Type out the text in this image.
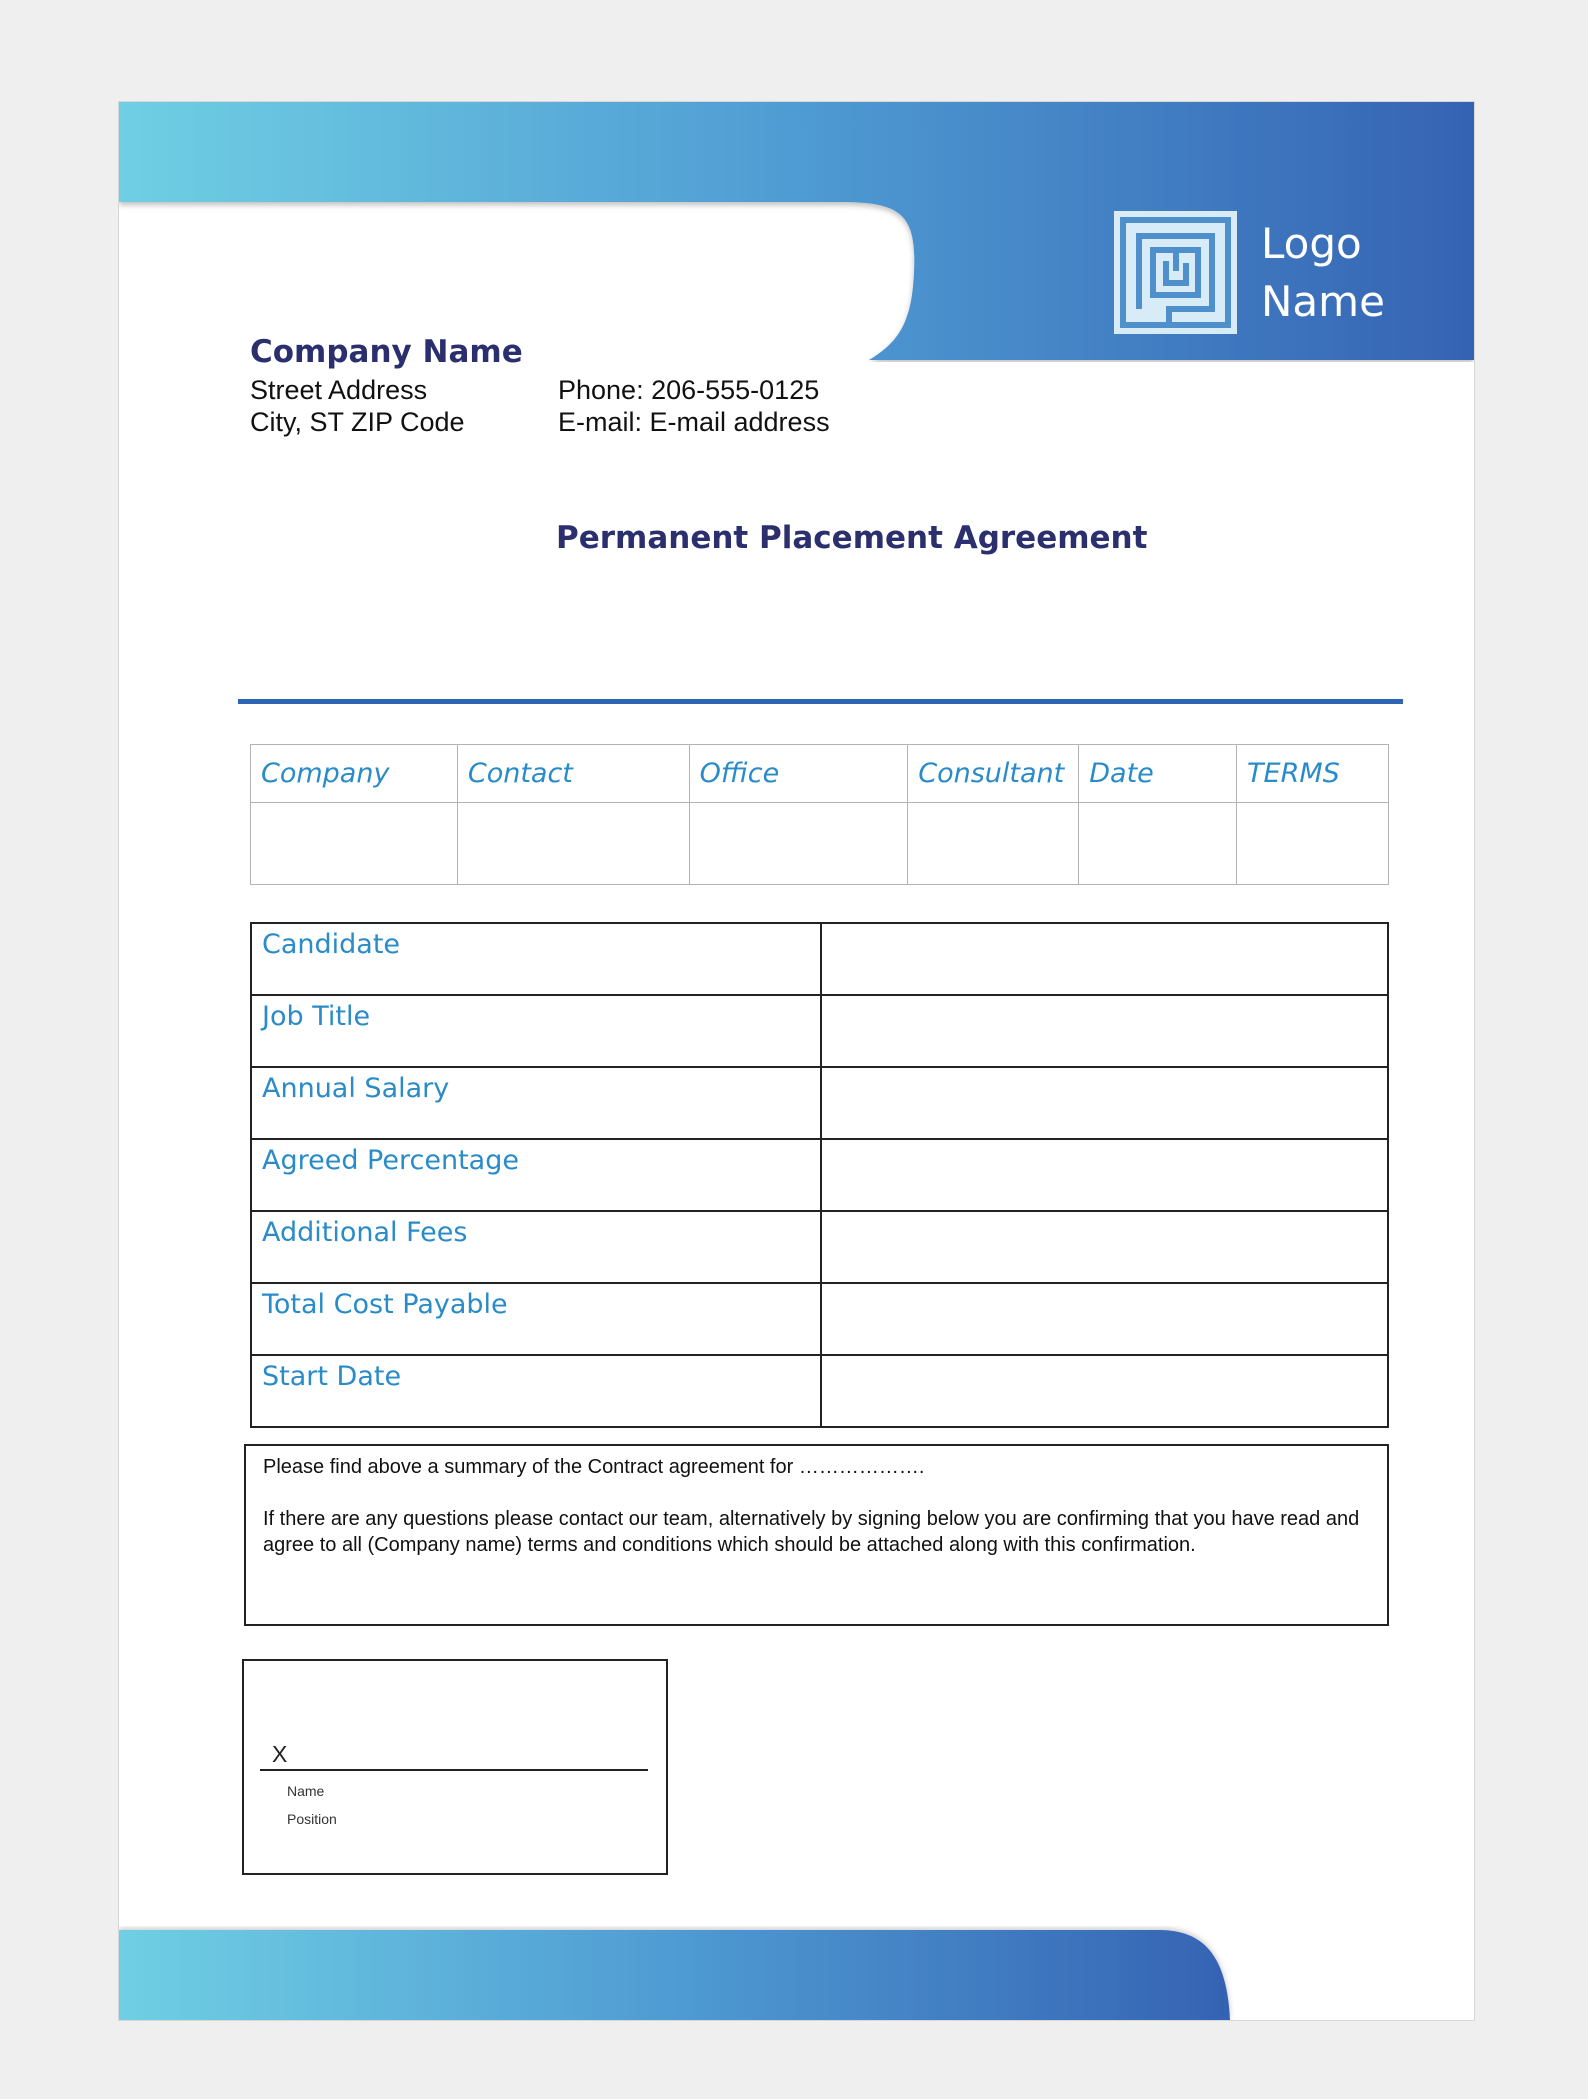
Logo
Name
Company Name
Street Address
City, ST ZIP Code
Phone: 206-555-0125
E-mail: E-mail address
Permanent Placement Agreement
Company	Contact	Office	Consultant	Date	TERMS

Candidate	
Job Title	
Annual Salary	
Agreed Percentage	
Additional Fees	
Total Cost Payable	
Start Date	

Please find above a summary of the Contract agreement for ……………….

If there are any questions please contact our team, alternatively by signing below you are confirming that you have read and agree to all (Company name) terms and conditions which should be attached along with this confirmation.

X
Name
Position
